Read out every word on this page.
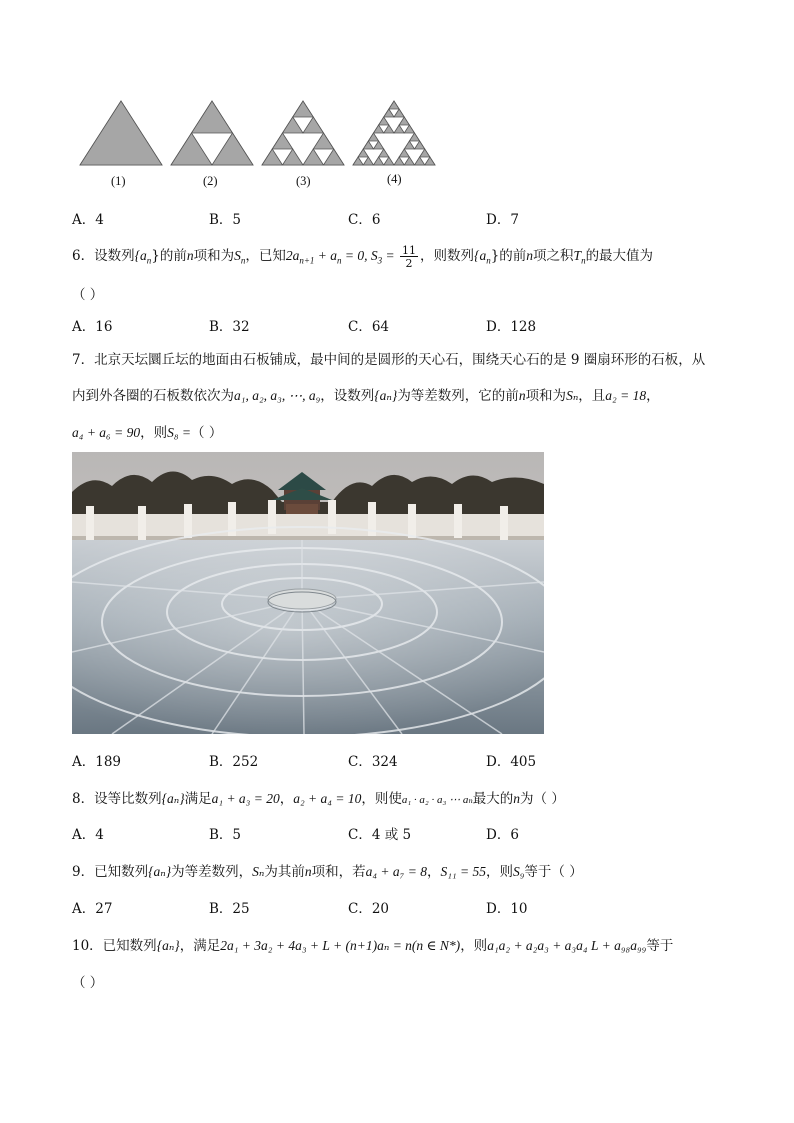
(1)	(2)	(3)	(4)
A．4	B．5	C．6	D．7
6．设数列$\{a_n\}$的前n项和为$S_n$，已知$2a_{n+1} + a_n = 0$, $S_3 = \frac{11}{2}$ ，则数列$\{a_n\}$的前n项之积$T_n$的最大值为
（ ）
A．16	B．32	C．64	D．128
7．北京天坛圜丘坛的地面由石板铺成，最中间的是圆形的天心石，围绕天心石的是 9 圈扇环形的石板，从
内到外各圈的石板数依次为a₁, a₂, a₃, ⋯, a₉，设数列{aₙ}为等差数列，它的前n项和为Sₙ，且a₂ = 18，
a₄ + a₆ = 90，则S₈ =（ ）
A．189	B．252	C．324	D．405
8．设等比数列{aₙ}满足a₁ + a₃ = 20，a₂ + a₄ = 10，则使a₁ · a₂ · a₃ ⋯ aₙ最大的n为（ ）
A．4	B．5	C．4 或 5	D．6
9．已知数列{aₙ}为等差数列，Sₙ为其前n项和，若a₄ + a₇ = 8，S₁₁ = 55，则S₉等于（ ）
A．27	B．25	C．20	D．10
10．已知数列{aₙ}，满足2a₁ + 3a₂ + 4a₃ + L + (n+1)aₙ = n(n ∈ N*)，则a₁a₂ + a₂a₃ + a₃a₄ L + a₉₈a₉₉等于
（ ）
